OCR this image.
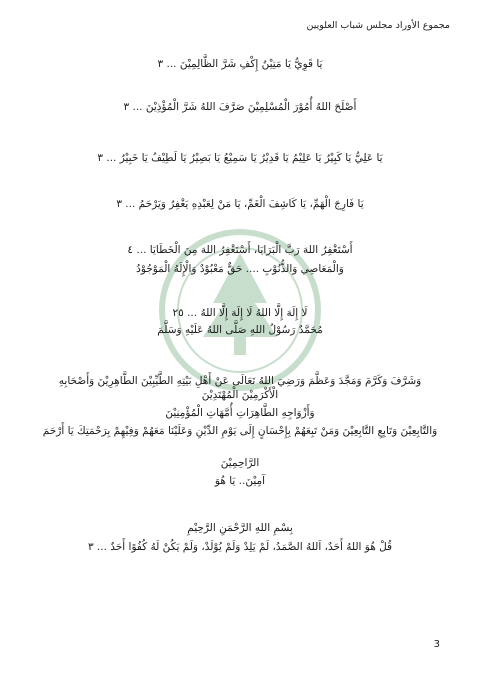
مجموع الأوراد مجلس شباب العلويين
يَا قَوِيُّ يَا مَتِيْنُ إِكْفِ شَرَّ الظَّالِمِيْنَ ... ٣
أَصْلَحَ اللهُ أُمُوْرَ الْمُسْلِمِيْنَ صَرَّفَ اللهُ شَرَّ الْمُؤْذِيْنَ ... ٣
يَا عَلِيُّ يَا كَبِيْرُ يَا عَلِيْمُ يَا قَدِيْرُ يَا سَمِيْعُ يَا بَصِيْرُ يَا لَطِيْفُ يَا خَبِيْرُ ... ٣
يَا فَارِجَ الْهَمِّ، يَا كَاشِفَ الْغَمِّ، يَا مَنْ لِعَبْدِهِ يَغْفِرُ وَيَرْحَمُ ... ٣
أَسْتَغْفِرُ اللهَ رَبَّ الْبَرَايَا، أَسْتَغْفِرُ اللهَ مِنَ الْخَطَايَا ... ٤
وَالْمَعَاصِي وَالذُّنُوْبِ .... حَقٌّ مَعْبُوْدٌ وَالْإِلَهُ الْمَوْجُوْدُ
لَا إِلَهَ إِلَّا اللهُ لَا إِلَهَ إِلَّا اللهُ ... ٢٥
مُحَمَّدٌ رَسُوْلُ اللهِ صَلَّى اللهُ عَلَيْهِ وَسَلَّمَ
وَشَرَّفَ وَكَرَّمَ وَمَجَّدَ وَعَظَّمَ وَرَضِيَ اللهُ تَعَالَى عَنْ أَهْلِ بَيْتِهِ الطَّيِّبِيْنَ الطَّاهِرِيْنَ وَأَصْحَابِهِ الْأَكْرَمِيْنَ الْمُهْتَدِيْنَ
وَأَزْوَاجِهِ الطَّاهِرَاتِ أُمَّهَاتِ الْمُؤْمِنِيْنَ
وَالتَّابِعِيْنَ وَتَابِعِ التَّابِعِيْنَ وَمَنْ تَبِعَهُمْ بِإِحْسَانٍ إِلَى يَوْمِ الدِّيْنِ وَعَلَيْنَا مَعَهُمْ وَفِيْهِمْ بِرَحْمَتِكَ يَا أَرْحَمَ
الرَّاحِمِيْنَ
آمِيْنَ.. يَا هُوَ
بِسْمِ اللهِ الرَّحْمَنِ الرَّحِيْمِ
قُلْ هُوَ اللهُ أَحَدٌ، اَللهُ الصَّمَدُ، لَمْ يَلِدْ وَلَمْ يُوْلَدْ، وَلَمْ يَكُنْ لَهُ كُفُوًا أَحَدٌ ... ٣
3
